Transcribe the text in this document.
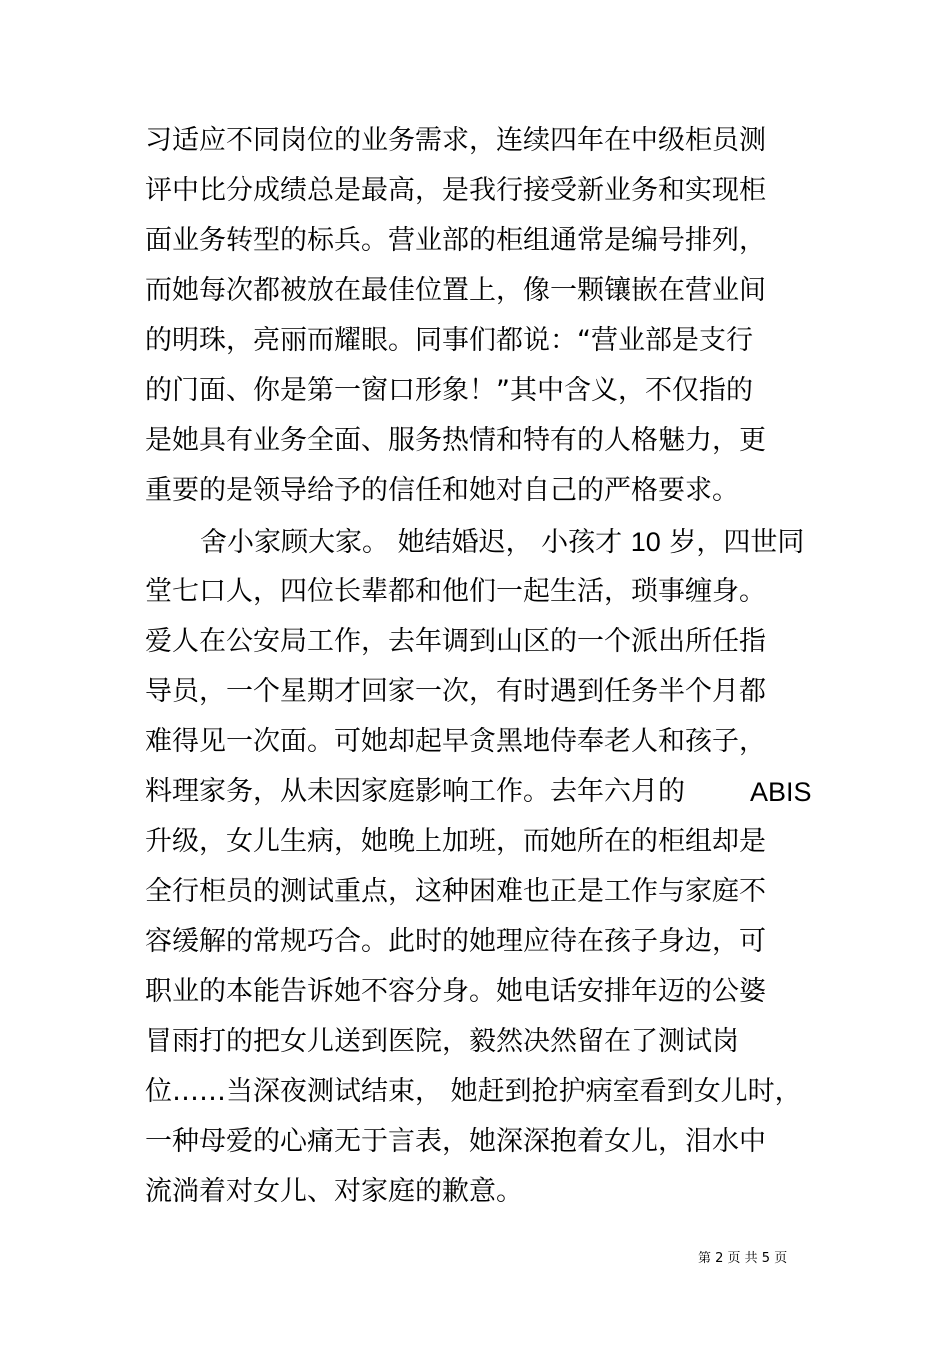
习适应不同岗位的业务需求，连续四年在中级柜员测
评中比分成绩总是最高，是我行接受新业务和实现柜
面业务转型的标兵。营业部的柜组通常是编号排列，
而她每次都被放在最佳位置上，像一颗镶嵌在营业间
的明珠，亮丽而耀眼。同事们都说：“营业部是支行
的门面、你是第一窗口形象！”其中含义，不仅指的
是她具有业务全面、服务热情和特有的人格魅力，更
重要的是领导给予的信任和她对自己的严格要求。
舍小家顾大家。 她结婚迟， 小孩才 10 岁，四世同
堂七口人，四位长辈都和他们一起生活，琐事缠身。
爱人在公安局工作，去年调到山区的一个派出所任指
导员，一个星期才回家一次，有时遇到任务半个月都
难得见一次面。可她却起早贪黑地侍奉老人和孩子，
料理家务，从未因家庭影响工作。去年六月的 ABIS
升级，女儿生病，她晚上加班，而她所在的柜组却是
全行柜员的测试重点，这种困难也正是工作与家庭不
容缓解的常规巧合。此时的她理应待在孩子身边，可
职业的本能告诉她不容分身。她电话安排年迈的公婆
冒雨打的把女儿送到医院，毅然决然留在了测试岗
位……当深夜测试结束， 她赶到抢护病室看到女儿时，
一种母爱的心痛无于言表，她深深抱着女儿，泪水中
流淌着对女儿、对家庭的歉意。
第 2 页 共 5 页
